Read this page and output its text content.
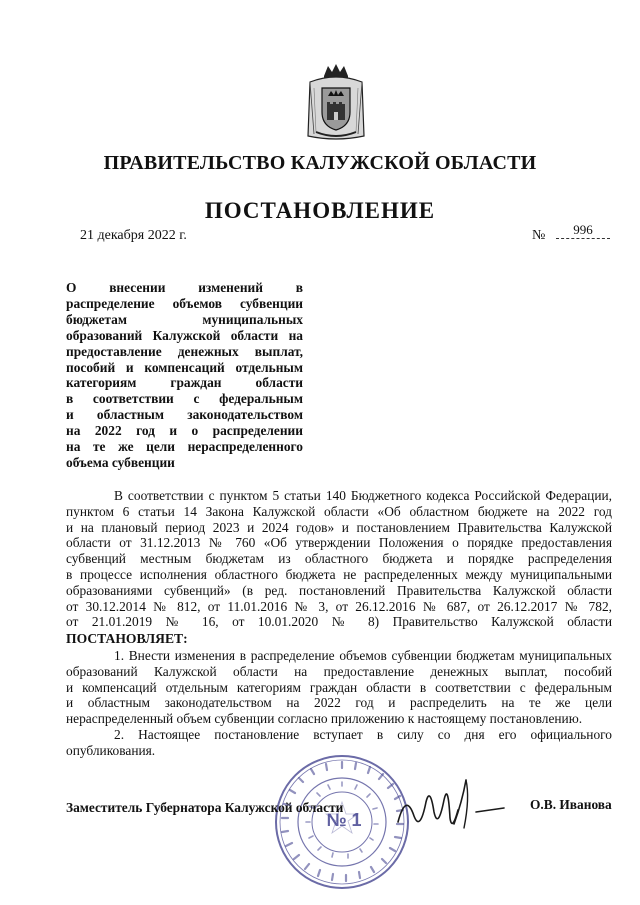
ПРАВИТЕЛЬСТВО КАЛУЖСКОЙ ОБЛАСТИ
ПОСТАНОВЛЕНИЕ
21 декабря 2022 г.	№	996
О внесении изменений в
распределение объемов субвенции
бюджетам муниципальных
образований Калужской области на
предоставление денежных выплат,
пособий и компенсаций отдельным
категориям граждан области
в соответствии с федеральным
и областным законодательством
на 2022 год и о распределении
на те же цели нераспределенного
объема субвенции
В соответствии с пунктом 5 статьи 140 Бюджетного кодекса Российской Федерации,
пунктом 6 статьи 14 Закона Калужской области «Об областном бюджете на 2022 год
и на плановый период 2023 и 2024 годов» и постановлением Правительства Калужской
области от 31.12.2013 № 760 «Об утверждении Положения о порядке предоставления
субвенций местным бюджетам из областного бюджета и порядке распределения
в процессе исполнения областного бюджета не распределенных между муниципальными
образованиями субвенций» (в ред. постановлений Правительства Калужской области
от 30.12.2014 № 812, от 11.01.2016 № 3, от 26.12.2016 № 687, от 26.12.2017 № 782,
от 21.01.2019 № 16, от 10.01.2020 № 8) Правительство Калужской области
ПОСТАНОВЛЯЕТ:
1. Внести изменения в распределение объемов субвенции бюджетам муниципальных
образований Калужской области на предоставление денежных выплат, пособий
и компенсаций отдельным категориям граждан области в соответствии с федеральным
и областным законодательством на 2022 год и распределить на те же цели
нераспределенный объем субвенции согласно приложению к настоящему постановлению.
2. Настоящее постановление вступает в силу со дня его официального
опубликования.
№ 1
Заместитель Губернатора Калужской области	О.В. Иванова
